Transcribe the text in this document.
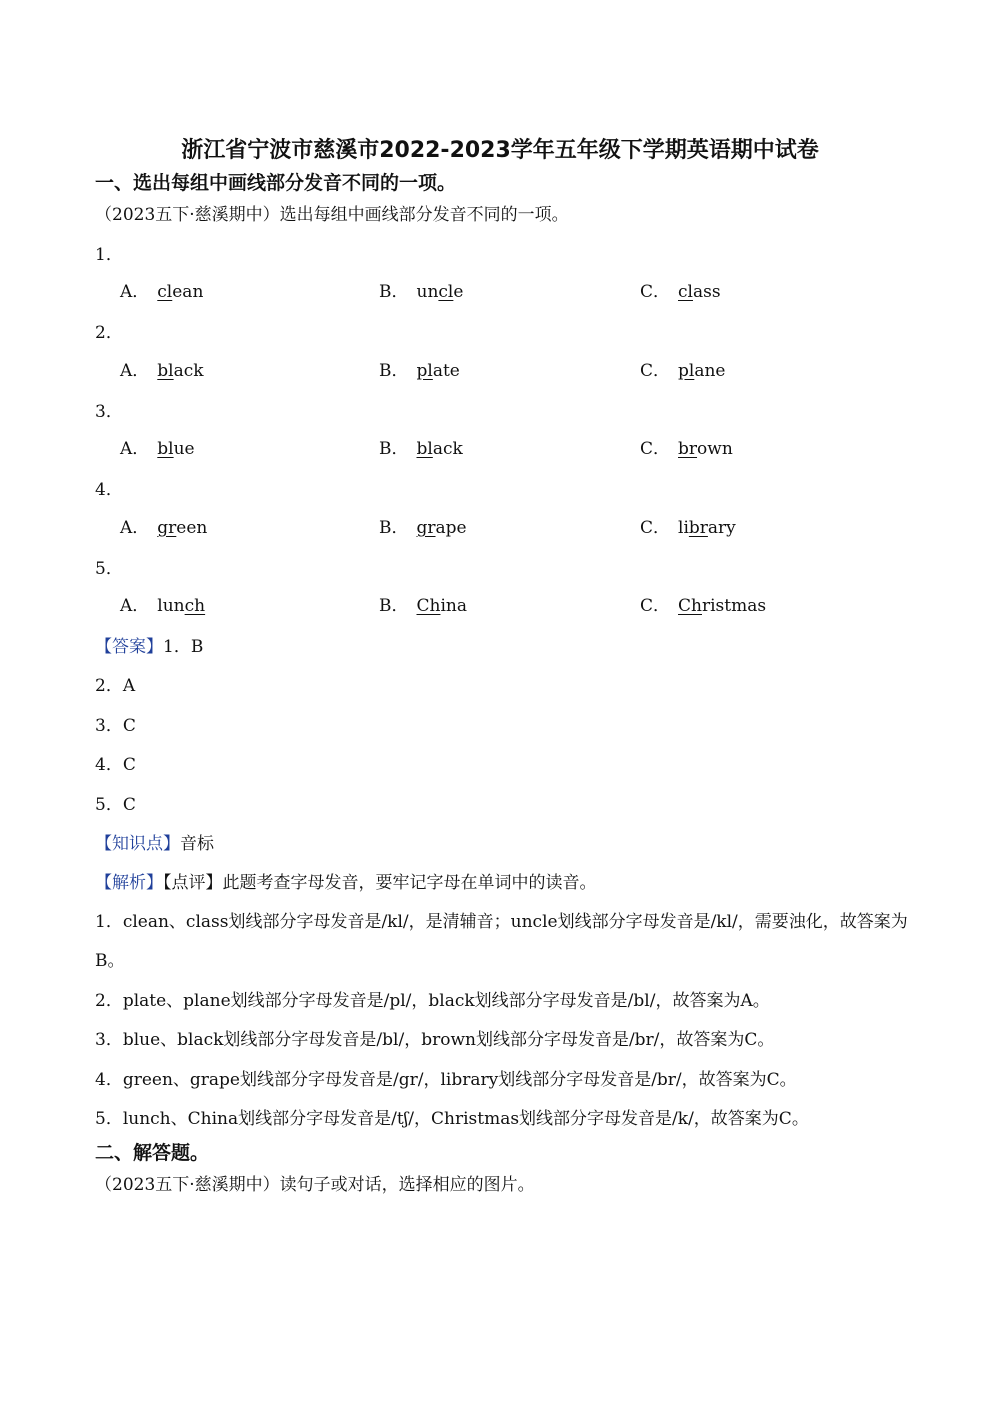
浙江省宁波市慈溪市2022-2023学年五年级下学期英语期中试卷
一、选出每组中画线部分发音不同的一项。
（2023五下·慈溪期中）选出每组中画线部分发音不同的一项。
1．
A． clean	B． uncle	C． class
2．
A． black	B． plate	C． plane
3．
A． blue	B． black	C． brown
4．
A． green	B． grape	C． library
5．
A． lunch	B． China	C． Christmas
【答案】1．B
2．A
3．C
4．C
5．C
【知识点】音标
【解析】【点评】此题考查字母发音，要牢记字母在单词中的读音。
1．clean、class划线部分字母发音是/kl/，是清辅音；uncle划线部分字母发音是/kl/，需要浊化，故答案为B。
2．plate、plane划线部分字母发音是/pl/，black划线部分字母发音是/bl/，故答案为A。
3．blue、black划线部分字母发音是/bl/，brown划线部分字母发音是/br/，故答案为C。
4．green、grape划线部分字母发音是/gr/，library划线部分字母发音是/br/，故答案为C。
5．lunch、China划线部分字母发音是/tʃ/，Christmas划线部分字母发音是/k/，故答案为C。
二、解答题。
（2023五下·慈溪期中）读句子或对话，选择相应的图片。
